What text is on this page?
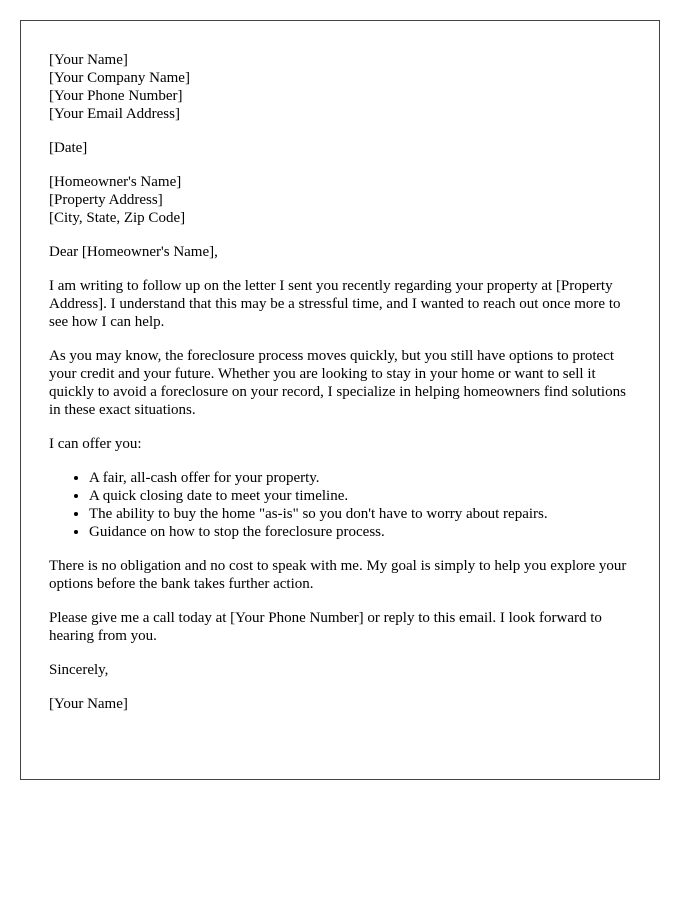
[Your Name]
[Your Company Name]
[Your Phone Number]
[Your Email Address]
[Date]
[Homeowner's Name]
[Property Address]
[City, State, Zip Code]

Dear [Homeowner's Name],

I am writing to follow up on the letter I sent you recently regarding your property at [Property Address]. I understand that this may be a stressful time, and I wanted to reach out once more to see how I can help.

As you may know, the foreclosure process moves quickly, but you still have options to protect your credit and your future. Whether you are looking to stay in your home or want to sell it quickly to avoid a foreclosure on your record, I specialize in helping homeowners find solutions in these exact situations.

I can offer you:

• A fair, all-cash offer for your property.
• A quick closing date to meet your timeline.
• The ability to buy the home "as-is" so you don't have to worry about repairs.
• Guidance on how to stop the foreclosure process.

There is no obligation and no cost to speak with me. My goal is simply to help you explore your options before the bank takes further action.

Please give me a call today at [Your Phone Number] or reply to this email. I look forward to hearing from you.

Sincerely,

[Your Name]
